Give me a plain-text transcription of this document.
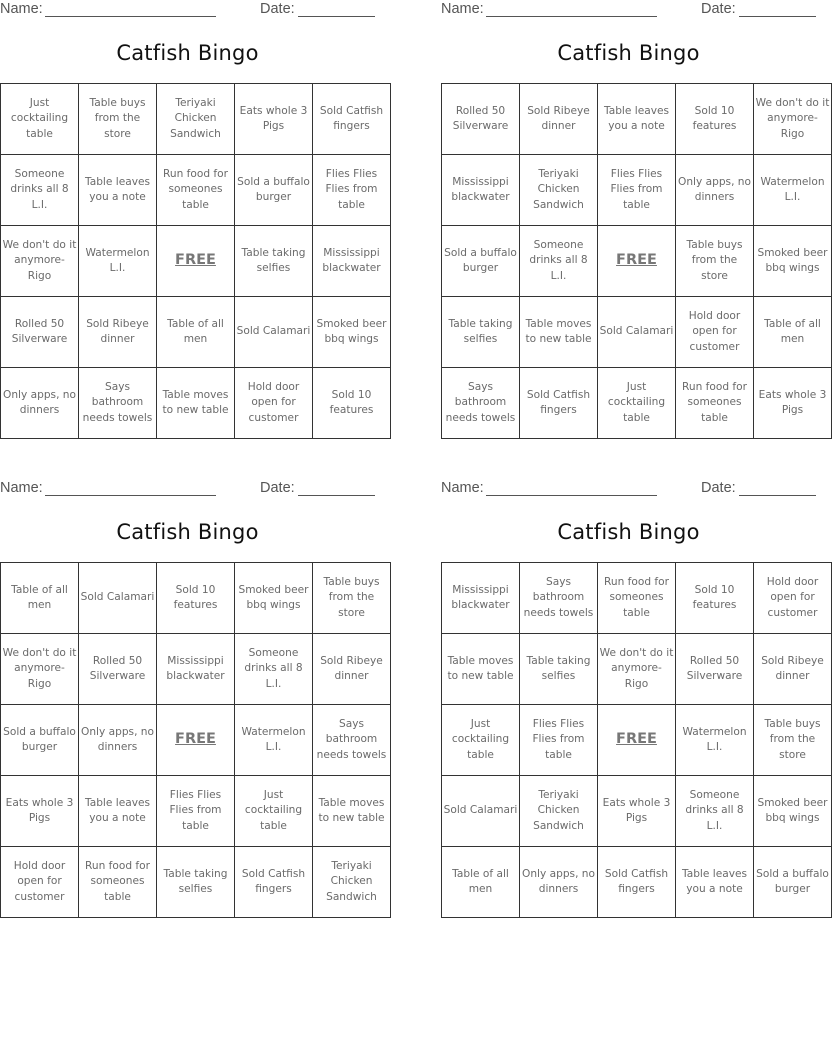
Name:	Date:
Catfish Bingo
Just cocktailing table	Table buys from the store	Teriyaki Chicken Sandwich	Eats whole 3 Pigs	Sold Catfish fingers
Someone drinks all 8 L.I.	Table leaves you a note	Run food for someones table	Sold a buffalo burger	Flies Flies Flies from table
We don't do it anymore- Rigo	Watermelon L.I.	FREE	Table taking selfies	Mississippi blackwater
Rolled 50 Silverware	Sold Ribeye dinner	Table of all men	Sold Calamari	Smoked beer bbq wings
Only apps, no dinners	Says bathroom needs towels	Table moves to new table	Hold door open for customer	Sold 10 features
Name:	Date:
Catfish Bingo
Rolled 50 Silverware	Sold Ribeye dinner	Table leaves you a note	Sold 10 features	We don't do it anymore- Rigo
Mississippi blackwater	Teriyaki Chicken Sandwich	Flies Flies Flies from table	Only apps, no dinners	Watermelon L.I.
Sold a buffalo burger	Someone drinks all 8 L.I.	FREE	Table buys from the store	Smoked beer bbq wings
Table taking selfies	Table moves to new table	Sold Calamari	Hold door open for customer	Table of all men
Says bathroom needs towels	Sold Catfish fingers	Just cocktailing table	Run food for someones table	Eats whole 3 Pigs
Name:	Date:
Catfish Bingo
Table of all men	Sold Calamari	Sold 10 features	Smoked beer bbq wings	Table buys from the store
We don't do it anymore- Rigo	Rolled 50 Silverware	Mississippi blackwater	Someone drinks all 8 L.I.	Sold Ribeye dinner
Sold a buffalo burger	Only apps, no dinners	FREE	Watermelon L.I.	Says bathroom needs towels
Eats whole 3 Pigs	Table leaves you a note	Flies Flies Flies from table	Just cocktailing table	Table moves to new table
Hold door open for customer	Run food for someones table	Table taking selfies	Sold Catfish fingers	Teriyaki Chicken Sandwich
Name:	Date:
Catfish Bingo
Mississippi blackwater	Says bathroom needs towels	Run food for someones table	Sold 10 features	Hold door open for customer
Table moves to new table	Table taking selfies	We don't do it anymore- Rigo	Rolled 50 Silverware	Sold Ribeye dinner
Just cocktailing table	Flies Flies Flies from table	FREE	Watermelon L.I.	Table buys from the store
Sold Calamari	Teriyaki Chicken Sandwich	Eats whole 3 Pigs	Someone drinks all 8 L.I.	Smoked beer bbq wings
Table of all men	Only apps, no dinners	Sold Catfish fingers	Table leaves you a note	Sold a buffalo burger
